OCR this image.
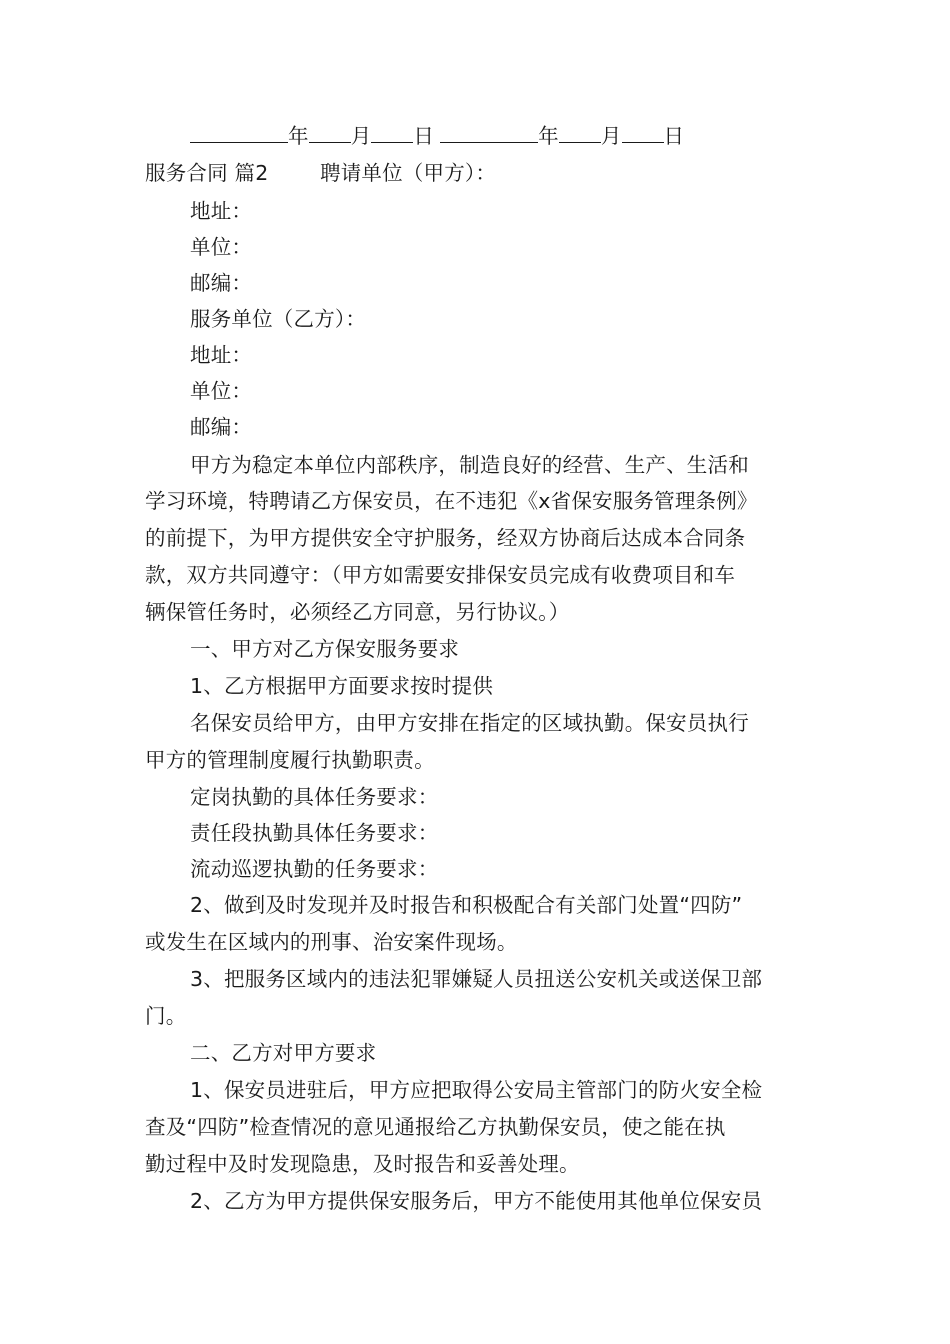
年 月 日	年 月 日
服务合同 篇2	聘请单位（甲方）：
地址：
单位：
邮编：
服务单位（乙方）：
地址：
单位：
邮编：
甲方为稳定本单位内部秩序，制造良好的经营、生产、生活和
学习环境，特聘请乙方保安员，在不违犯《x省保安服务管理条例》
的前提下，为甲方提供安全守护服务，经双方协商后达成本合同条
款，双方共同遵守：（甲方如需要安排保安员完成有收费项目和车
辆保管任务时，必须经乙方同意，另行协议。）
一、甲方对乙方保安服务要求
1、乙方根据甲方面要求按时提供
名保安员给甲方，由甲方安排在指定的区域执勤。保安员执行
甲方的管理制度履行执勤职责。
定岗执勤的具体任务要求：
责任段执勤具体任务要求：
流动巡逻执勤的任务要求：
2、做到及时发现并及时报告和积极配合有关部门处置“四防”
或发生在区域内的刑事、治安案件现场。
3、把服务区域内的违法犯罪嫌疑人员扭送公安机关或送保卫部
门。
二、乙方对甲方要求
1、保安员进驻后，甲方应把取得公安局主管部门的防火安全检
查及“四防”检查情况的意见通报给乙方执勤保安员，使之能在执
勤过程中及时发现隐患，及时报告和妥善处理。
2、乙方为甲方提供保安服务后，甲方不能使用其他单位保安员
